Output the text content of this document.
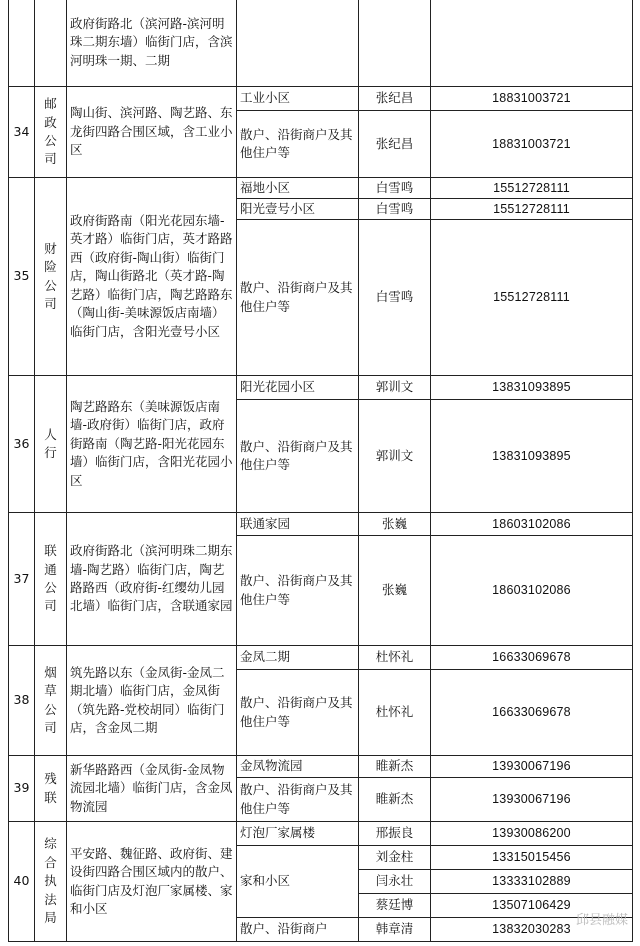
		政府街路北（滨河路-滨河明珠二期东墙）临街门店，含滨河明珠一期、二期			
34	邮政公司	陶山街、滨河路、陶艺路、东龙街四路合围区域，含工业小区	工业小区	张纪昌	18831003721
			散户、沿街商户及其他住户等	张纪昌	18831003721
35	财险公司	政府街路南（阳光花园东墙-英才路）临街门店，英才路路西（政府街-陶山街）临街门店，陶山街路北（英才路-陶艺路）临街门店，陶艺路路东（陶山街-美味源饭店南墙）临街门店，含阳光壹号小区	福地小区	白雪鸣	15512728111
			阳光壹号小区	白雪鸣	15512728111
			散户、沿街商户及其他住户等	白雪鸣	15512728111
36	人行	陶艺路路东（美味源饭店南墙-政府街）临街门店，政府街路南（陶艺路-阳光花园东墙）临街门店，含阳光花园小区	阳光花园小区	郭训文	13831093895
			散户、沿街商户及其他住户等	郭训文	13831093895
37	联通公司	政府街路北（滨河明珠二期东墙-陶艺路）临街门店，陶艺路路西（政府街-红缨幼儿园北墙）临街门店，含联通家园	联通家园	张巍	18603102086
			散户、沿街商户及其他住户等	张巍	18603102086
38	烟草公司	筑先路以东（金凤街-金凤二期北墙）临街门店，金凤街（筑先路-党校胡同）临街门店，含金凤二期	金凤二期	杜怀礼	16633069678
			散户、沿街商户及其他住户等	杜怀礼	16633069678
39	残联	新华路路西（金凤街-金凤物流园北墙）临街门店，含金凤物流园	金凤物流园	睢新杰	13930067196
			散户、沿街商户及其他住户等	睢新杰	13930067196
40	综合执法局	平安路、魏征路、政府街、建设街四路合围区域内的散户、临街门店及灯泡厂家属楼、家和小区	灯泡厂家属楼	邢振良	13930086200
			家和小区	刘金柱	13315015456
				闫永壮	13333102889
				蔡廷博	13507106429
			散户、沿街商户	韩章清	13832030283
邱县融媒
